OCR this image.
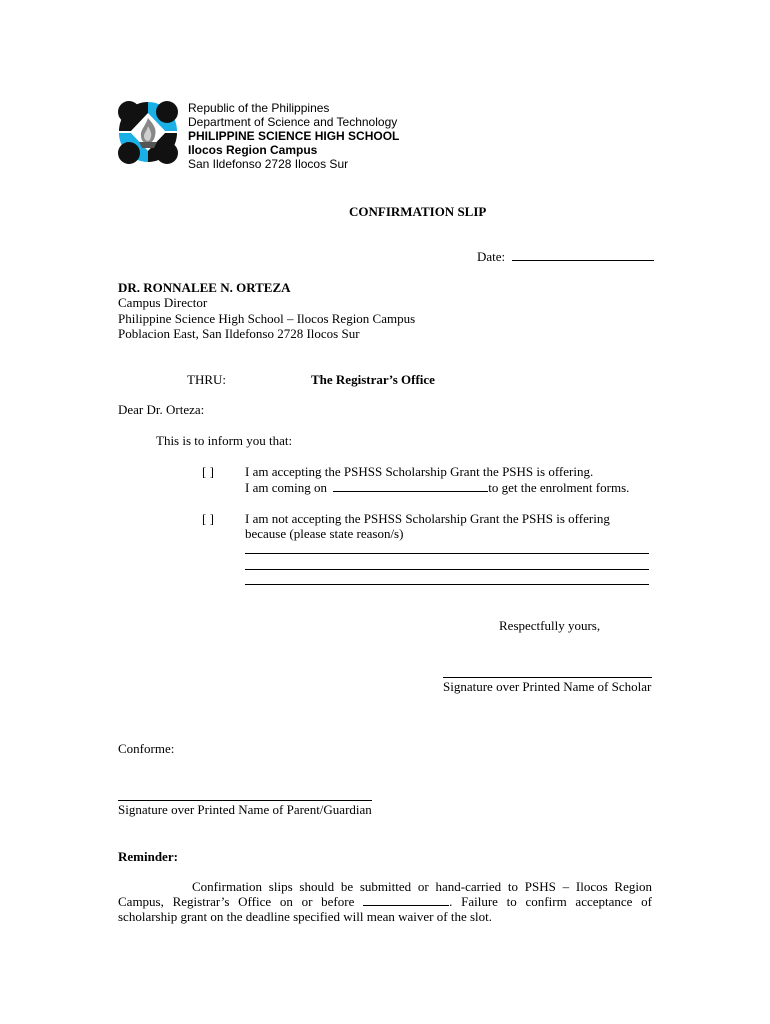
Republic of the Philippines
Department of Science and Technology
PHILIPPINE SCIENCE HIGH SCHOOL
Ilocos Region Campus
San Ildefonso 2728 Ilocos Sur
CONFIRMATION SLIP
Date:
DR. RONNALEE N. ORTEZA
Campus Director
Philippine Science High School – Ilocos Region Campus
Poblacion East, San Ildefonso 2728 Ilocos Sur
THRU:	The Registrar’s Office
Dear Dr. Orteza:
This is to inform you that:
[ ] I am accepting the PSHSS Scholarship Grant the PSHS is offering.
I am coming on	to get the enrolment forms.
[ ] I am not accepting the PSHSS Scholarship Grant the PSHS is offering
because (please state reason/s)
Respectfully yours,
Signature over Printed Name of Scholar
Conforme:
Signature over Printed Name of Parent/Guardian
Reminder:

Confirmation slips should be submitted or hand-carried to PSHS – Ilocos Region Campus, Registrar’s Office on or before	. Failure to confirm acceptance of scholarship grant on the deadline specified will mean waiver of the slot.
